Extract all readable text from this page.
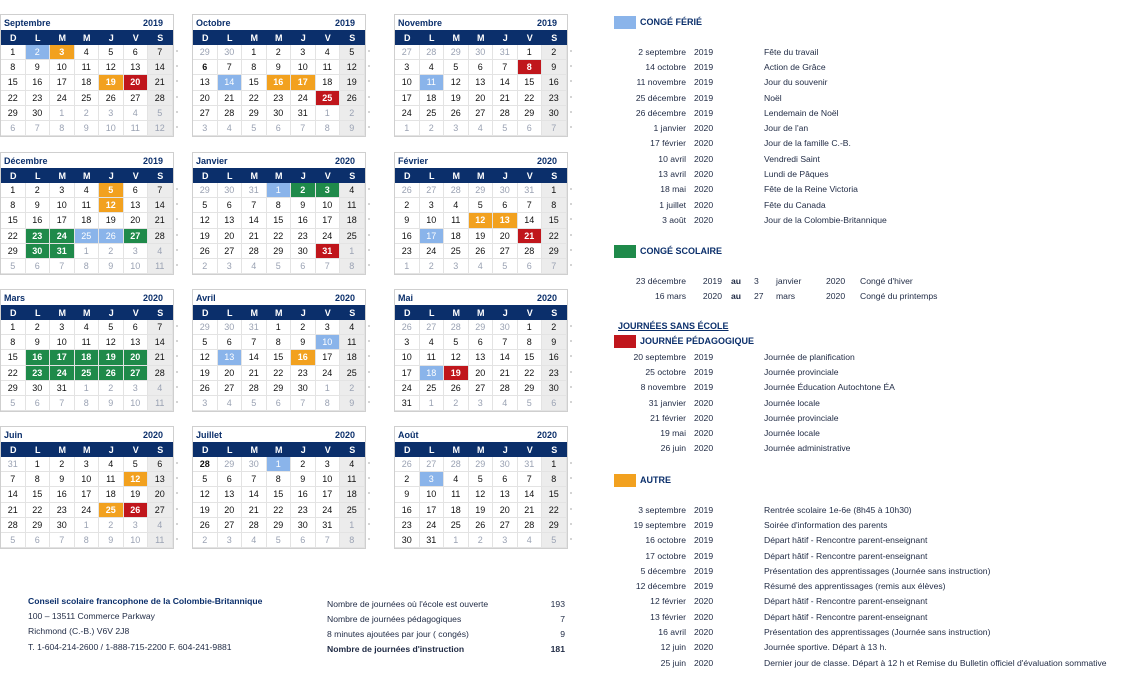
Septembre	2019
D	L	M	M	J	V	S
1	2	3	4	5	6	7
8	9	10	11	12	13	14
15	16	17	18	19	20	21
22	23	24	25	26	27	28
29	30	1	2	3	4	5
6	7	8	9	10	11	12
Octobre	2019
D	L	M	M	J	V	S
29	30	1	2	3	4	5
6	7	8	9	10	11	12
13	14	15	16	17	18	19
20	21	22	23	24	25	26
27	28	29	30	31	1	2
3	4	5	6	7	8	9
Novembre	2019
D	L	M	M	J	V	S
27	28	29	30	31	1	2
3	4	5	6	7	8	9
10	11	12	13	14	15	16
17	18	19	20	21	22	23
24	25	26	27	28	29	30
1	2	3	4	5	6	7
Décembre	2019
D	L	M	M	J	V	S
1	2	3	4	5	6	7
8	9	10	11	12	13	14
15	16	17	18	19	20	21
22	23	24	25	26	27	28
29	30	31	1	2	3	4
5	6	7	8	9	10	11
Janvier	2020
D	L	M	M	J	V	S
29	30	31	1	2	3	4
5	6	7	8	9	10	11
12	13	14	15	16	17	18
19	20	21	22	23	24	25
26	27	28	29	30	31	1
2	3	4	5	6	7	8
Février	2020
D	L	M	M	J	V	S
26	27	28	29	30	31	1
2	3	4	5	6	7	8
9	10	11	12	13	14	15
16	17	18	19	20	21	22
23	24	25	26	27	28	29
1	2	3	4	5	6	7
Mars	2020
D	L	M	M	J	V	S
1	2	3	4	5	6	7
8	9	10	11	12	13	14
15	16	17	18	19	20	21
22	23	24	25	26	27	28
29	30	31	1	2	3	4
5	6	7	8	9	10	11
Avril	2020
D	L	M	M	J	V	S
29	30	31	1	2	3	4
5	6	7	8	9	10	11
12	13	14	15	16	17	18
19	20	21	22	23	24	25
26	27	28	29	30	1	2
3	4	5	6	7	8	9
Mai	2020
D	L	M	M	J	V	S
26	27	28	29	30	1	2
3	4	5	6	7	8	9
10	11	12	13	14	15	16
17	18	19	20	21	22	23
24	25	26	27	28	29	30
31	1	2	3	4	5	6
Juin	2020
D	L	M	M	J	V	S
31	1	2	3	4	5	6
7	8	9	10	11	12	13
14	15	16	17	18	19	20
21	22	23	24	25	26	27
28	29	30	1	2	3	4
5	6	7	8	9	10	11
Juillet	2020
D	L	M	M	J	V	S
28	29	30	1	2	3	4
5	6	7	8	9	10	11
12	13	14	15	16	17	18
19	20	21	22	23	24	25
26	27	28	29	30	31	1
2	3	4	5	6	7	8
Août	2020
D	L	M	M	J	V	S
26	27	28	29	30	31	1
2	3	4	5	6	7	8
9	10	11	12	13	14	15
16	17	18	19	20	21	22
23	24	25	26	27	28	29
30	31	1	2	3	4	5
CONGÉ FÉRIÉ
2 septembre 2019	Fête du travail
14 octobre 2019	Action de Grâce
11 novembre 2019	Jour du souvenir
25 décembre 2019	Noël
26 décembre 2019	Lendemain de Noël
1 janvier 2020	Jour de l'an
17 février 2020	Jour de la famille C.-B.
10 avril 2020	Vendredi Saint
13 avril 2020	Lundi de Pâques
18 mai 2020	Fête de la Reine Victoria
1 juillet 2020	Fête du Canada
3 août 2020	Jour de la Colombie-Britannique
CONGÉ SCOLAIRE
23 décembre	2019	au	3	janvier	2020	Congé d'hiver
16 mars	2020	au	27	mars	2020	Congé du printemps
JOURNÉES SANS ÉCOLE
JOURNÉE PÉDAGOGIQUE
20 septembre 2019	Journée de planification
25 octobre 2019	Journée provinciale
8 novembre 2019	Journée Éducation Autochtone ÉA
31 janvier 2020	Journée locale
21 février 2020	Journée provinciale
19 mai 2020	Journée locale
26 juin 2020	Journée administrative
AUTRE
3 septembre 2019	Rentrée scolaire 1e-6e (8h45 à 10h30)
19 septembre 2019	Soirée d'information des parents
16 octobre 2019	Départ hâtif - Rencontre parent-enseignant
17 octobre 2019	Départ hâtif - Rencontre parent-enseignant
5 décembre 2019	Présentation des apprentissages (Journée sans instruction)
12 décembre 2019	Résumé des apprentissages (remis aux élèves)
12 février 2020	Départ hâtif - Rencontre parent-enseignant
13 février 2020	Départ hâtif - Rencontre parent-enseignant
16 avril 2020	Présentation des apprentissages (Journée sans instruction)
12 juin 2020	Journée sportive. Départ à 13 h.
25 juin 2020	Dernier jour de classe. Départ à 12 h et Remise du Bulletin officiel d'évaluation sommative
Conseil scolaire francophone de la Colombie-Britannique
100 – 13511 Commerce Parkway
Richmond (C.-B.) V6V 2J8
T. 1-604-214-2600 / 1-888-715-2200 F. 604-241-9881
Nombre de journées où l'école est ouverte	193
Nombre de journées pédagogiques	7
8 minutes ajoutées par jour ( congés)	9
Nombre de journées d'instruction	181
